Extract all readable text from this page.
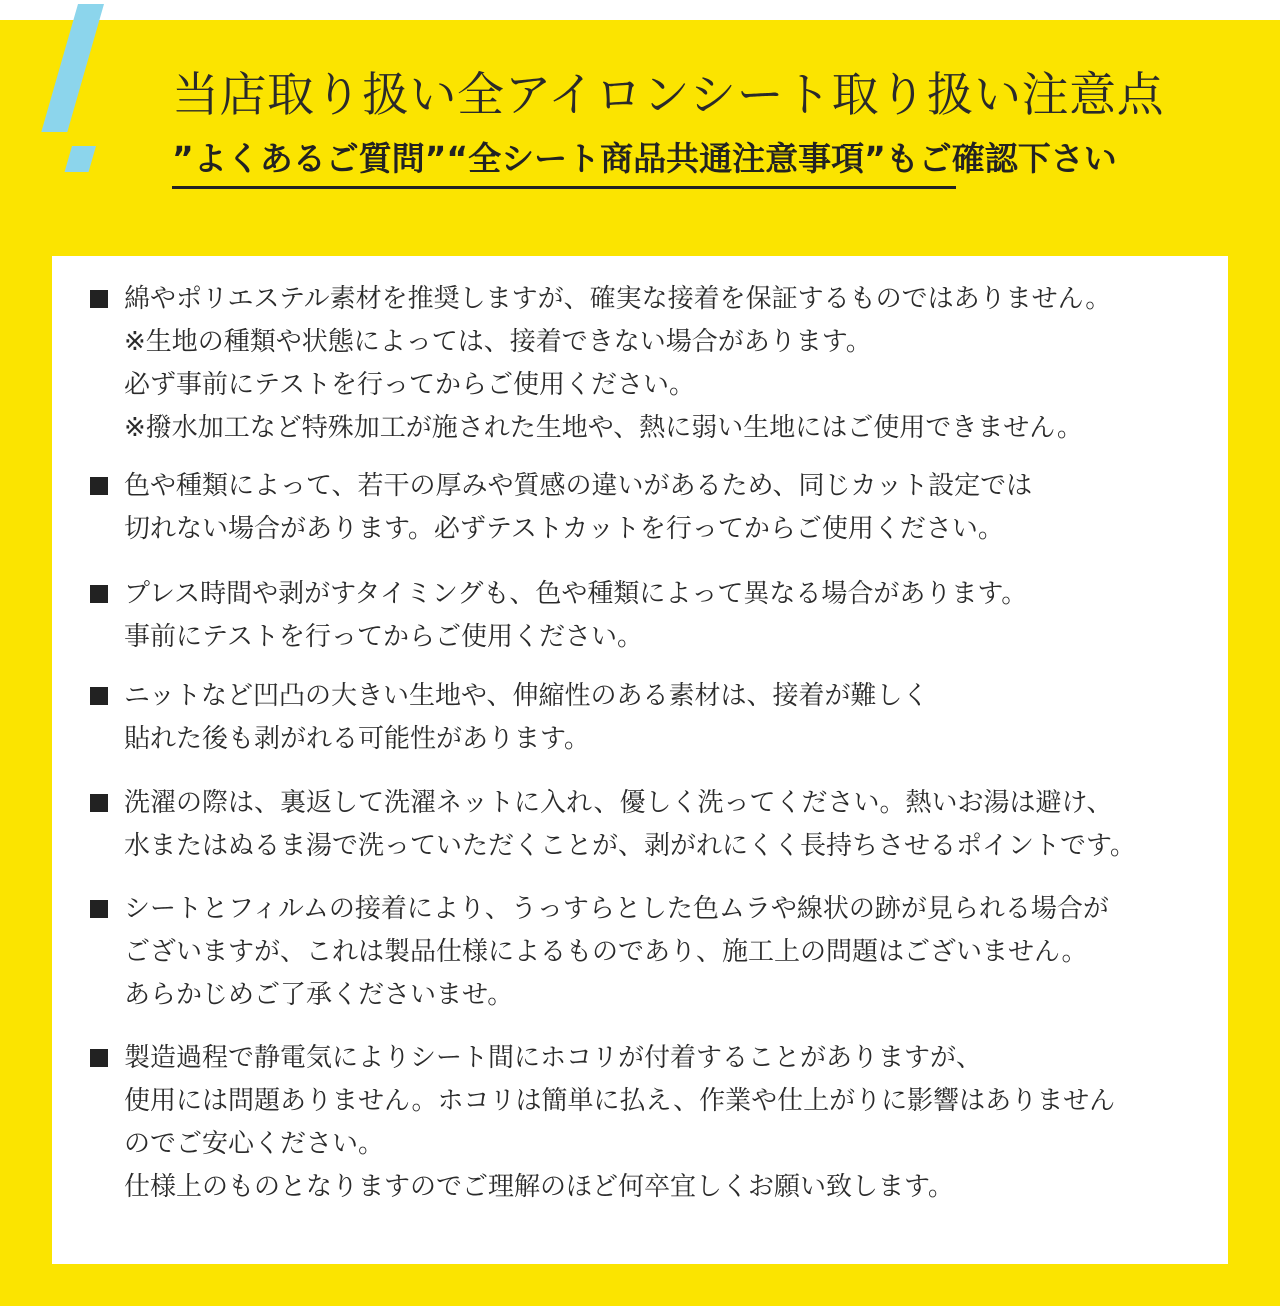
当店取り扱い全アイロンシート取り扱い注意点

”よくあるご質問”“全シート商品共通注意事項”もご確認下さい

綿やポリエステル素材を推奨しますが、確実な接着を保証するものではありません。
※生地の種類や状態によっては、接着できない場合があります。
必ず事前にテストを行ってからご使用ください。
※撥水加工など特殊加工が施された生地や、熱に弱い生地にはご使用できません。
色や種類によって、若干の厚みや質感の違いがあるため、同じカット設定では
切れない場合があります。必ずテストカットを行ってからご使用ください。
プレス時間や剥がすタイミングも、色や種類によって異なる場合があります。
事前にテストを行ってからご使用ください。
ニットなど凹凸の大きい生地や、伸縮性のある素材は、接着が難しく
貼れた後も剥がれる可能性があります。
洗濯の際は、裏返して洗濯ネットに入れ、優しく洗ってください。熱いお湯は避け、
水またはぬるま湯で洗っていただくことが、剥がれにくく長持ちさせるポイントです。
シートとフィルムの接着により、うっすらとした色ムラや線状の跡が見られる場合が
ございますが、これは製品仕様によるものであり、施工上の問題はございません。
あらかじめご了承くださいませ。
製造過程で静電気によりシート間にホコリが付着することがありますが、
使用には問題ありません。ホコリは簡単に払え、作業や仕上がりに影響はありません
のでご安心ください。
仕様上のものとなりますのでご理解のほど何卒宜しくお願い致します。
